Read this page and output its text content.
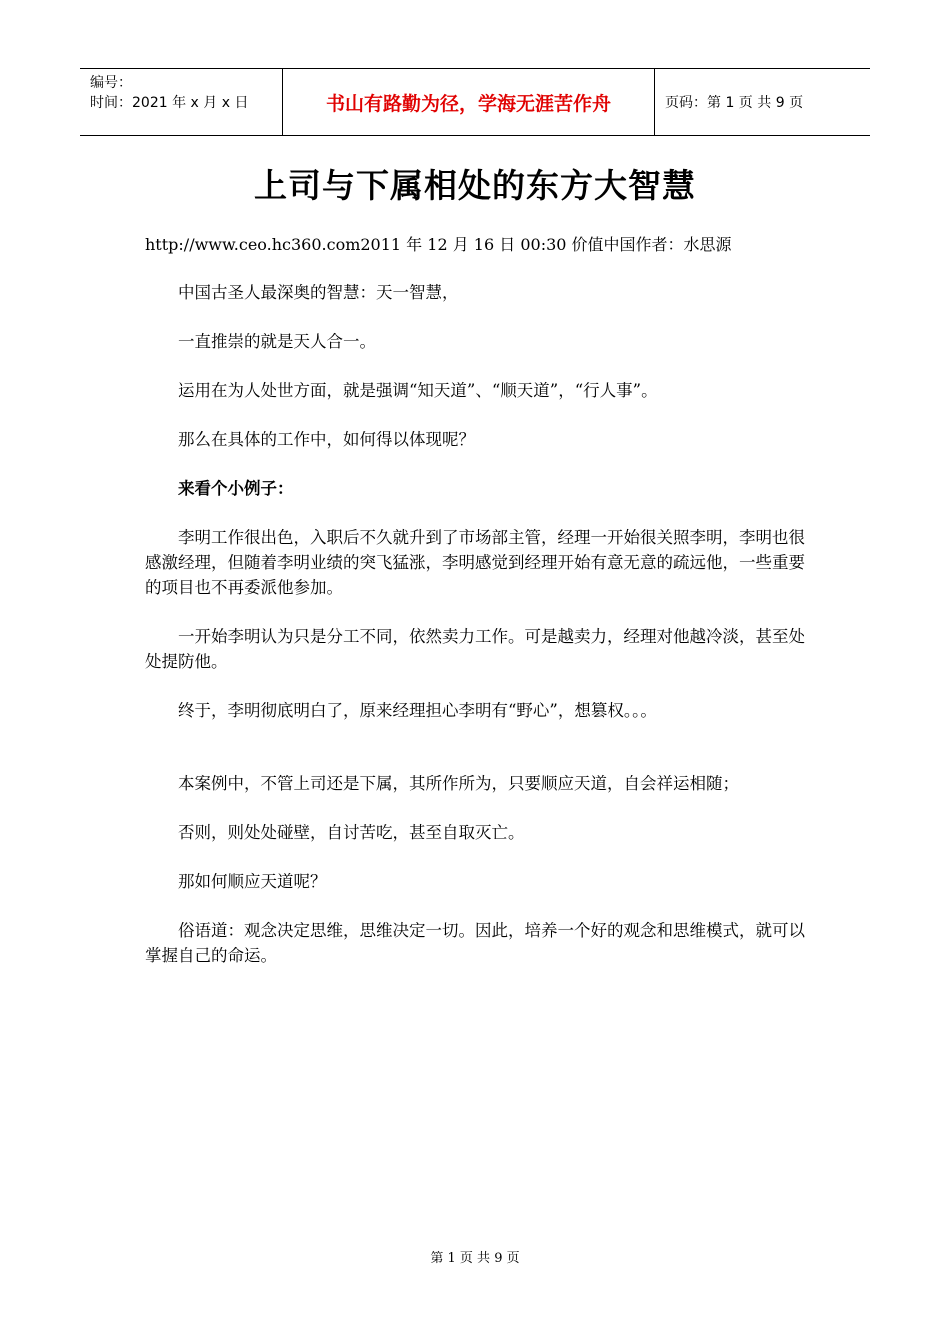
编号：
时间：2021 年 x 月 x 日	书山有路勤为径，学海无涯苦作舟	页码：第 1 页 共 9 页
上司与下属相处的东方大智慧
http://www.ceo.hc360.com2011 年 12 月 16 日 00:30 价值中国作者：水思源

中国古圣人最深奥的智慧：天一智慧，

一直推崇的就是天人合一。

运用在为人处世方面，就是强调“知天道”、“顺天道”，“行人事”。

那么在具体的工作中，如何得以体现呢？

来看个小例子：

李明工作很出色，入职后不久就升到了市场部主管，经理一开始很关照李明，李明也很感激经理，但随着李明业绩的突飞猛涨，李明感觉到经理开始有意无意的疏远他，一些重要的项目也不再委派他参加。

一开始李明认为只是分工不同，依然卖力工作。可是越卖力，经理对他越冷淡，甚至处处提防他。

终于，李明彻底明白了，原来经理担心李明有“野心”，想篡权。。。

本案例中，不管上司还是下属，其所作所为，只要顺应天道，自会祥运相随；

否则，则处处碰壁，自讨苦吃，甚至自取灭亡。

那如何顺应天道呢？

俗语道：观念决定思维，思维决定一切。因此，培养一个好的观念和思维模式，就可以掌握自己的命运。

第 1 页 共 9 页
